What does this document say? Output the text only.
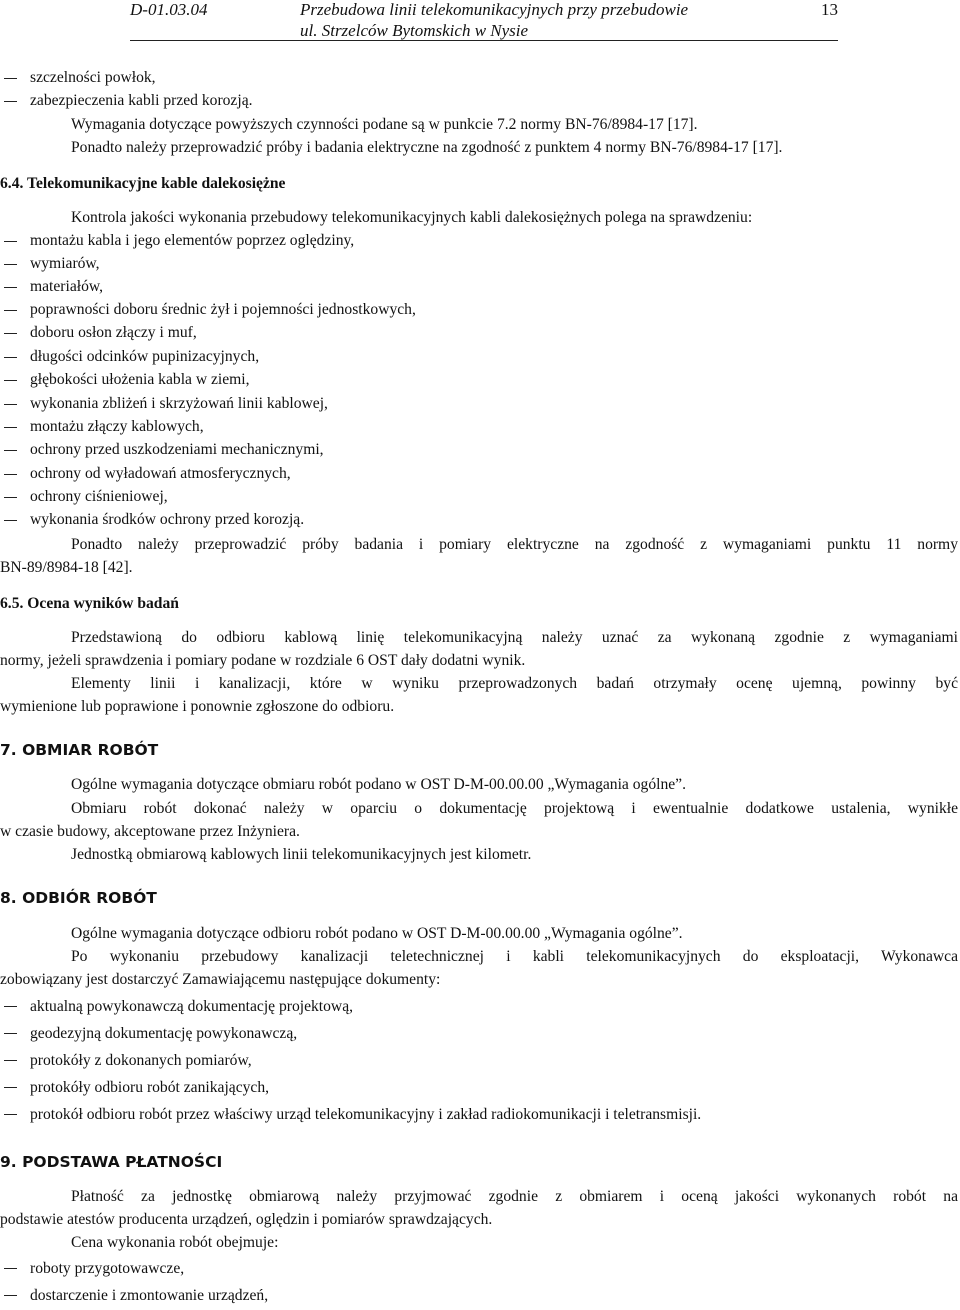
D-01.03.04	Przebudowa linii telekomunikacyjnych przy przebudowie
ul. Strzelców Bytomskich w Nysie
13
szczelności powłok,
zabezpieczenia kabli przed korozją.
Wymagania dotyczące powyższych czynności podane są w punkcie 7.2 normy BN-76/8984-17 [17].
Ponadto należy przeprowadzić próby i badania elektryczne na zgodność z punktem 4 normy BN-76/8984-17 [17].
6.4. Telekomunikacyjne kable dalekosiężne
Kontrola jakości wykonania przebudowy telekomunikacyjnych kabli dalekosiężnych polega na sprawdzeniu:
montażu kabla i jego elementów poprzez oględziny,
wymiarów,
materiałów,
poprawności doboru średnic żył i pojemności jednostkowych,
doboru osłon złączy i muf,
długości odcinków pupinizacyjnych,
głębokości ułożenia kabla w ziemi,
wykonania zbliżeń i skrzyżowań linii kablowej,
montażu złączy kablowych,
ochrony przed uszkodzeniami mechanicznymi,
ochrony od wyładowań atmosferycznych,
ochrony ciśnieniowej,
wykonania środków ochrony przed korozją.
Ponadto należy przeprowadzić próby badania i pomiary elektryczne na zgodność z wymaganiami punktu 11 normy
BN-89/8984-18 [42].
6.5. Ocena wyników badań
Przedstawioną do odbioru kablową linię telekomunikacyjną należy uznać za wykonaną zgodnie z wymaganiami
normy, jeżeli sprawdzenia i pomiary podane w rozdziale 6 OST dały dodatni wynik.
Elementy linii i kanalizacji, które w wyniku przeprowadzonych badań otrzymały ocenę ujemną, powinny być
wymienione lub poprawione i ponownie zgłoszone do odbioru.
7. OBMIAR ROBÓT
Ogólne wymagania dotyczące obmiaru robót podano w OST D-M-00.00.00 „Wymagania ogólne”.
Obmiaru robót dokonać należy w oparciu o dokumentację projektową i ewentualnie dodatkowe ustalenia, wynikłe
w czasie budowy, akceptowane przez Inżyniera.
Jednostką obmiarową kablowych linii telekomunikacyjnych jest kilometr.
8. ODBIÓR ROBÓT
Ogólne wymagania dotyczące odbioru robót podano w OST D-M-00.00.00 „Wymagania ogólne”.
Po wykonaniu przebudowy kanalizacji teletechnicznej i kabli telekomunikacyjnych do eksploatacji, Wykonawca
zobowiązany jest dostarczyć Zamawiającemu następujące dokumenty:
aktualną powykonawczą dokumentację projektową,
geodezyjną dokumentację powykonawczą,
protokóły z dokonanych pomiarów,
protokóły odbioru robót zanikających,
protokół odbioru robót przez właściwy urząd telekomunikacyjny i zakład radiokomunikacji i teletransmisji.
9. PODSTAWA PŁATNOŚCI
Płatność za jednostkę obmiarową należy przyjmować zgodnie z obmiarem i oceną jakości wykonanych robót na
podstawie atestów producenta urządzeń, oględzin i pomiarów sprawdzających.
Cena wykonania robót obejmuje:
roboty przygotowawcze,
dostarczenie i zmontowanie urządzeń,
